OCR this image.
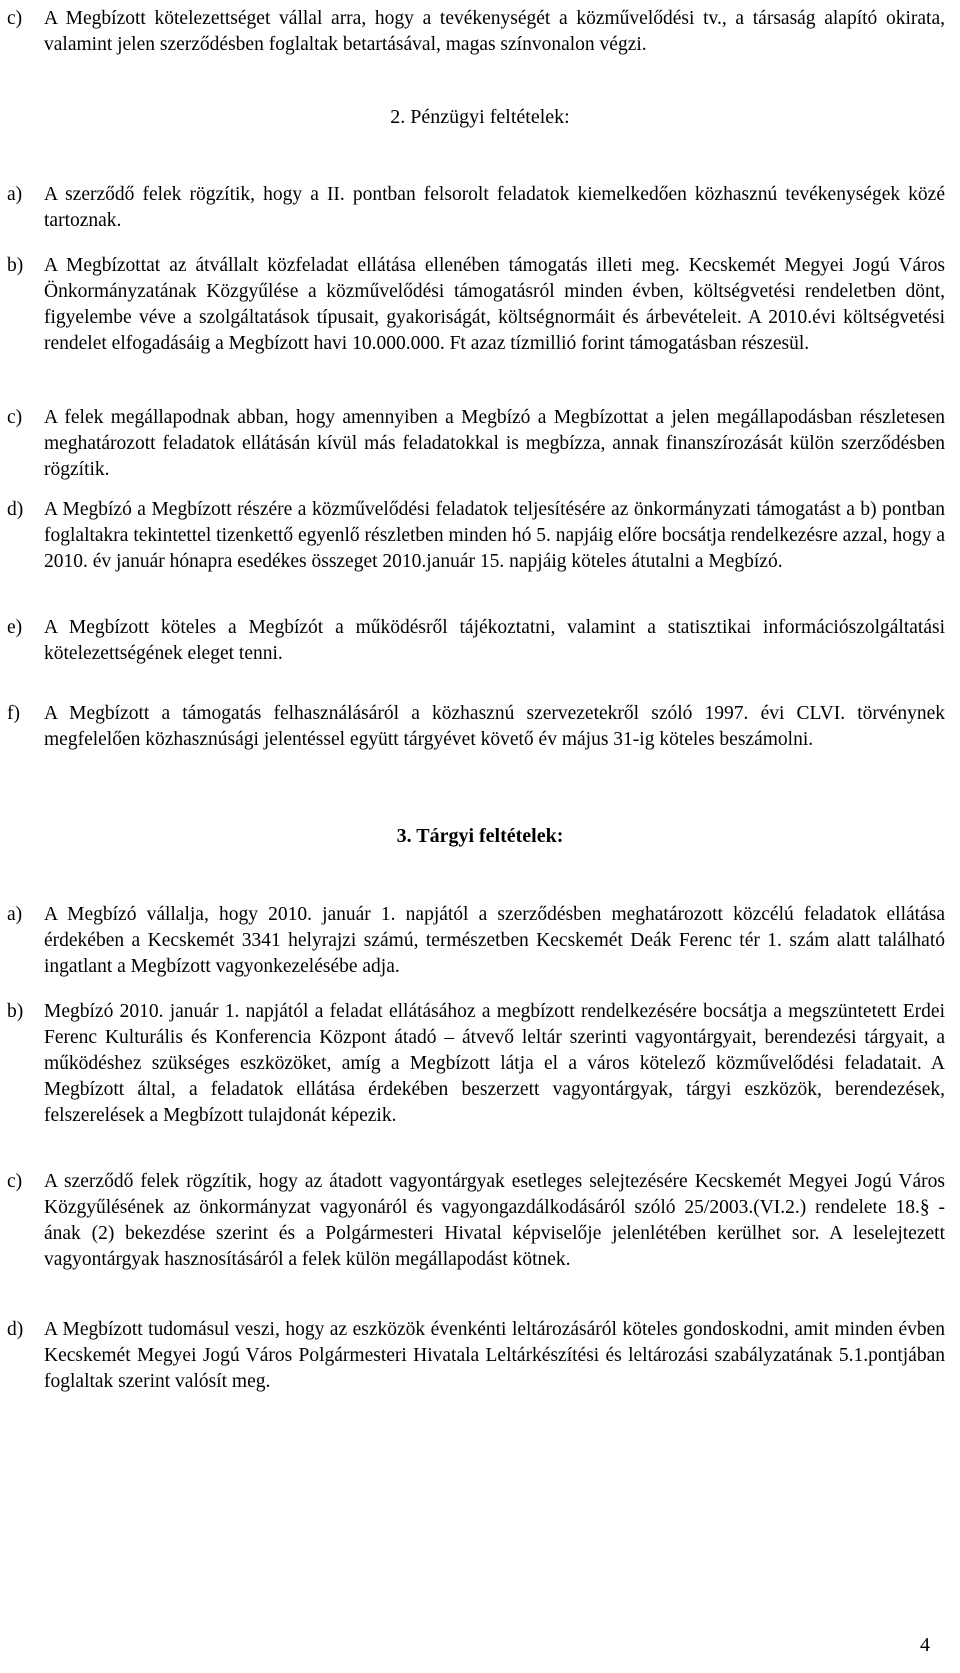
c)	A Megbízott kötelezettséget vállal arra, hogy a tevékenységét a közművelődési tv., a társaság alapító okirata, valamint jelen szerződésben foglaltak betartásával, magas színvonalon végzi.
2. Pénzügyi feltételek:
a)	A szerződő felek rögzítik, hogy a II. pontban felsorolt feladatok kiemelkedően közhasznú tevékenységek közé tartoznak.
b)	A Megbízottat az átvállalt közfeladat ellátása ellenében támogatás illeti meg. Kecskemét Megyei Jogú Város Önkormányzatának Közgyűlése a közművelődési támogatásról minden évben, költségvetési rendeletben dönt, figyelembe véve a szolgáltatások típusait, gyakoriságát, költségnormáit és árbevételeit. A 2010.évi költségvetési rendelet elfogadásáig a Megbízott havi 10.000.000. Ft azaz tízmillió forint támogatásban részesül.
c)	A felek megállapodnak abban, hogy amennyiben a Megbízó a Megbízottat a jelen megállapodásban részletesen meghatározott feladatok ellátásán kívül más feladatokkal is megbízza, annak finanszírozását külön szerződésben rögzítik.
d)	A Megbízó a Megbízott részére a közművelődési feladatok teljesítésére az önkormányzati támogatást a b) pontban foglaltakra tekintettel tizenkettő egyenlő részletben minden hó 5. napjáig előre bocsátja rendelkezésre azzal, hogy a 2010. év január hónapra esedékes összeget 2010.január 15. napjáig köteles átutalni a Megbízó.
e)	A Megbízott köteles a Megbízót a működésről tájékoztatni, valamint a statisztikai információszolgáltatási kötelezettségének eleget tenni.
f)	A Megbízott a támogatás felhasználásáról a közhasznú szervezetekről szóló 1997. évi CLVI. törvénynek megfelelően közhasznúsági jelentéssel együtt tárgyévet követő év május 31-ig köteles beszámolni.
3. Tárgyi feltételek:
a)	A Megbízó vállalja, hogy 2010. január 1. napjától a szerződésben meghatározott közcélú feladatok ellátása érdekében a Kecskemét 3341 helyrajzi számú, természetben Kecskemét Deák Ferenc tér 1. szám alatt található ingatlant a Megbízott vagyonkezelésébe adja.
b)	Megbízó 2010. január 1. napjától a feladat ellátásához a megbízott rendelkezésére bocsátja a megszüntetett Erdei Ferenc Kulturális és Konferencia Központ átadó – átvevő leltár szerinti vagyontárgyait, berendezési tárgyait, a működéshez szükséges eszközöket, amíg a Megbízott látja el a város kötelező közművelődési feladatait. A Megbízott által, a feladatok ellátása érdekében beszerzett vagyontárgyak, tárgyi eszközök, berendezések, felszerelések a Megbízott tulajdonát képezik.
c)	A szerződő felek rögzítik, hogy az átadott vagyontárgyak esetleges selejtezésére Kecskemét Megyei Jogú Város Közgyűlésének az önkormányzat vagyonáról és vagyongazdálkodásáról szóló 25/2003.(VI.2.) rendelete 18.§ - ának (2) bekezdése szerint és a Polgármesteri Hivatal képviselője jelenlétében kerülhet sor. A leselejtezett vagyontárgyak hasznosításáról a felek külön megállapodást kötnek.
d)	A Megbízott tudomásul veszi, hogy az eszközök évenkénti leltározásáról köteles gondoskodni, amit minden évben Kecskemét Megyei Jogú Város Polgármesteri Hivatala Leltárkészítési és leltározási szabályzatának 5.1.pontjában foglaltak szerint valósít meg.
4
